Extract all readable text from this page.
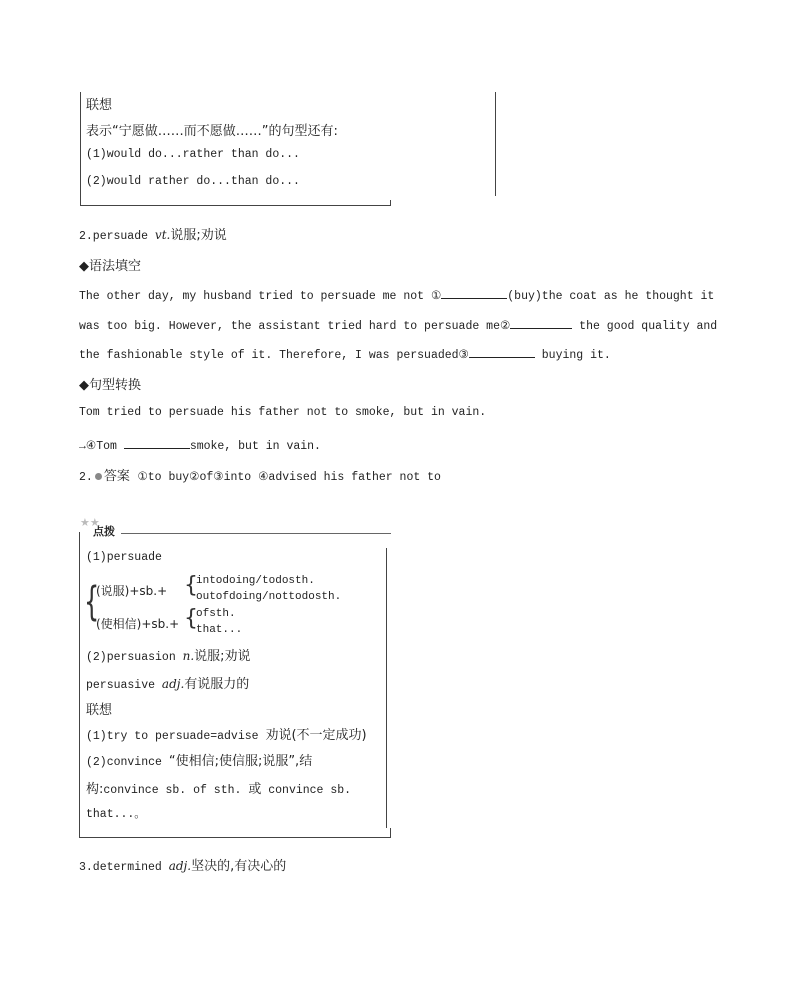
联想
表示“宁愿做……而不愿做……”的句型还有:
(1)would do...rather than do...
(2)would rather do...than do...
2.persuade vt.说服;劝说
◆语法填空
The other day, my husband tried to persuade me not ①	(buy)the coat as he thought it
was too big. However, the assistant tried hard to persuade me②	the good quality and
the fashionable style of it. Therefore, I was persuaded③	buying it.
◆句型转换
Tom tried to persuade his father not to smoke, but in vain.
→④Tom	smoke, but in vain.
2. 答案 ①to buy②of③into ④advised his father not to
★★
点拨
(1)persuade
{
(说服)+sb.+ {
intodoing/todosth.
outofdoing/nottodosth.
(使相信)+sb.+ {
ofsth.
that...
(2)persuasion n.说服;劝说
persuasive adj.有说服力的
联想
(1)try to persuade=advise 劝说(不一定成功)
(2)convince “使相信;使信服;说服”,结
构:convince sb. of sth. 或 convince sb.
that...。
3.determined adj.坚决的,有决心的
